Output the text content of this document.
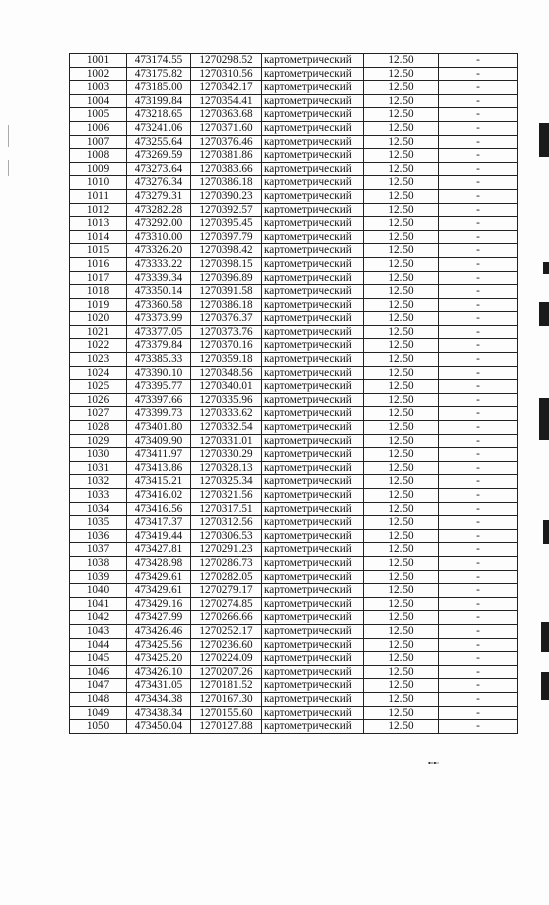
1001	473174.55	1270298.52	картометрический	12.50	-
1002	473175.82	1270310.56	картометрический	12.50	-
1003	473185.00	1270342.17	картометрический	12.50	-
1004	473199.84	1270354.41	картометрический	12.50	-
1005	473218.65	1270363.68	картометрический	12.50	-
1006	473241.06	1270371.60	картометрический	12.50	-
1007	473255.64	1270376.46	картометрический	12.50	-
1008	473269.59	1270381.86	картометрический	12.50	-
1009	473273.64	1270383.66	картометрический	12.50	-
1010	473276.34	1270386.18	картометрический	12.50	-
1011	473279.31	1270390.23	картометрический	12.50	-
1012	473282.28	1270392.57	картометрический	12.50	-
1013	473292.00	1270395.45	картометрический	12.50	-
1014	473310.00	1270397.79	картометрический	12.50	-
1015	473326.20	1270398.42	картометрический	12.50	-
1016	473333.22	1270398.15	картометрический	12.50	-
1017	473339.34	1270396.89	картометрический	12.50	-
1018	473350.14	1270391.58	картометрический	12.50	-
1019	473360.58	1270386.18	картометрический	12.50	-
1020	473373.99	1270376.37	картометрический	12.50	-
1021	473377.05	1270373.76	картометрический	12.50	-
1022	473379.84	1270370.16	картометрический	12.50	-
1023	473385.33	1270359.18	картометрический	12.50	-
1024	473390.10	1270348.56	картометрический	12.50	-
1025	473395.77	1270340.01	картометрический	12.50	-
1026	473397.66	1270335.96	картометрический	12.50	-
1027	473399.73	1270333.62	картометрический	12.50	-
1028	473401.80	1270332.54	картометрический	12.50	-
1029	473409.90	1270331.01	картометрический	12.50	-
1030	473411.97	1270330.29	картометрический	12.50	-
1031	473413.86	1270328.13	картометрический	12.50	-
1032	473415.21	1270325.34	картометрический	12.50	-
1033	473416.02	1270321.56	картометрический	12.50	-
1034	473416.56	1270317.51	картометрический	12.50	-
1035	473417.37	1270312.56	картометрический	12.50	-
1036	473419.44	1270306.53	картометрический	12.50	-
1037	473427.81	1270291.23	картометрический	12.50	-
1038	473428.98	1270286.73	картометрический	12.50	-
1039	473429.61	1270282.05	картометрический	12.50	-
1040	473429.61	1270279.17	картометрический	12.50	-
1041	473429.16	1270274.85	картометрический	12.50	-
1042	473427.99	1270266.66	картометрический	12.50	-
1043	473426.46	1270252.17	картометрический	12.50	-
1044	473425.56	1270236.60	картометрический	12.50	-
1045	473425.20	1270224.09	картометрический	12.50	-
1046	473426.10	1270207.26	картометрический	12.50	-
1047	473431.05	1270181.52	картометрический	12.50	-
1048	473434.38	1270167.30	картометрический	12.50	-
1049	473438.34	1270155.60	картометрический	12.50	-
1050	473450.04	1270127.88	картометрический	12.50	-
▪▫▪▫
